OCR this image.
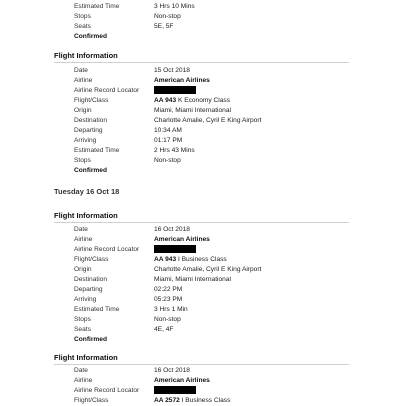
Estimated Time	3 Hrs 10 Mins
Stops	Non-stop
Seats	5E, 5F
Confirmed
Flight Information
Date	15 Oct 2018
Airline	American Airlines
Airline Record Locator
Flight/Class	AA 943 K Economy Class
Origin	Miami, Miami International
Destination	Charlotte Amalie, Cyril E King Airport
Departing	10:34 AM
Arriving	01:17 PM
Estimated Time	2 Hrs 43 Mins
Stops	Non-stop
Confirmed
Tuesday 16 Oct 18
Flight Information
Date	16 Oct 2018
Airline	American Airlines
Airline Record Locator
Flight/Class	AA 943 I Business Class
Origin	Charlotte Amalie, Cyril E King Airport
Destination	Miami, Miami International
Departing	02:22 PM
Arriving	05:23 PM
Estimated Time	3 Hrs 1 Min
Stops	Non-stop
Seats	4E, 4F
Confirmed
Flight Information
Date	16 Oct 2018
Airline	American Airlines
Airline Record Locator
Flight/Class	AA 2572 I Business Class
